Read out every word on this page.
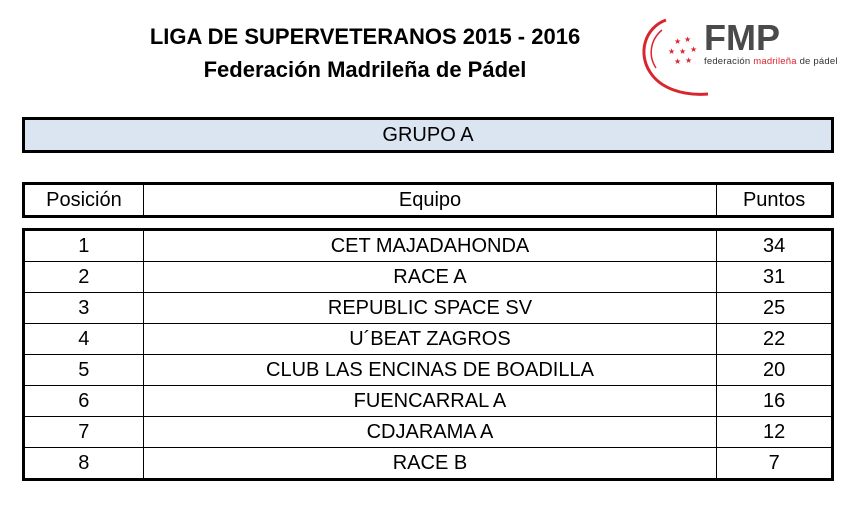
LIGA DE SUPERVETERANOS 2015 - 2016
Federación Madrileña de Pádel
★ ★
★ ★ ★
★ ★
FMP
federación madrileña de pádel
GRUPO A
Posición	Equipo	Puntos
1	CET MAJADAHONDA	34
2	RACE A	31
3	REPUBLIC SPACE SV	25
4	U´BEAT ZAGROS	22
5	CLUB LAS ENCINAS DE BOADILLA	20
6	FUENCARRAL A	16
7	CDJARAMA A	12
8	RACE B	7
